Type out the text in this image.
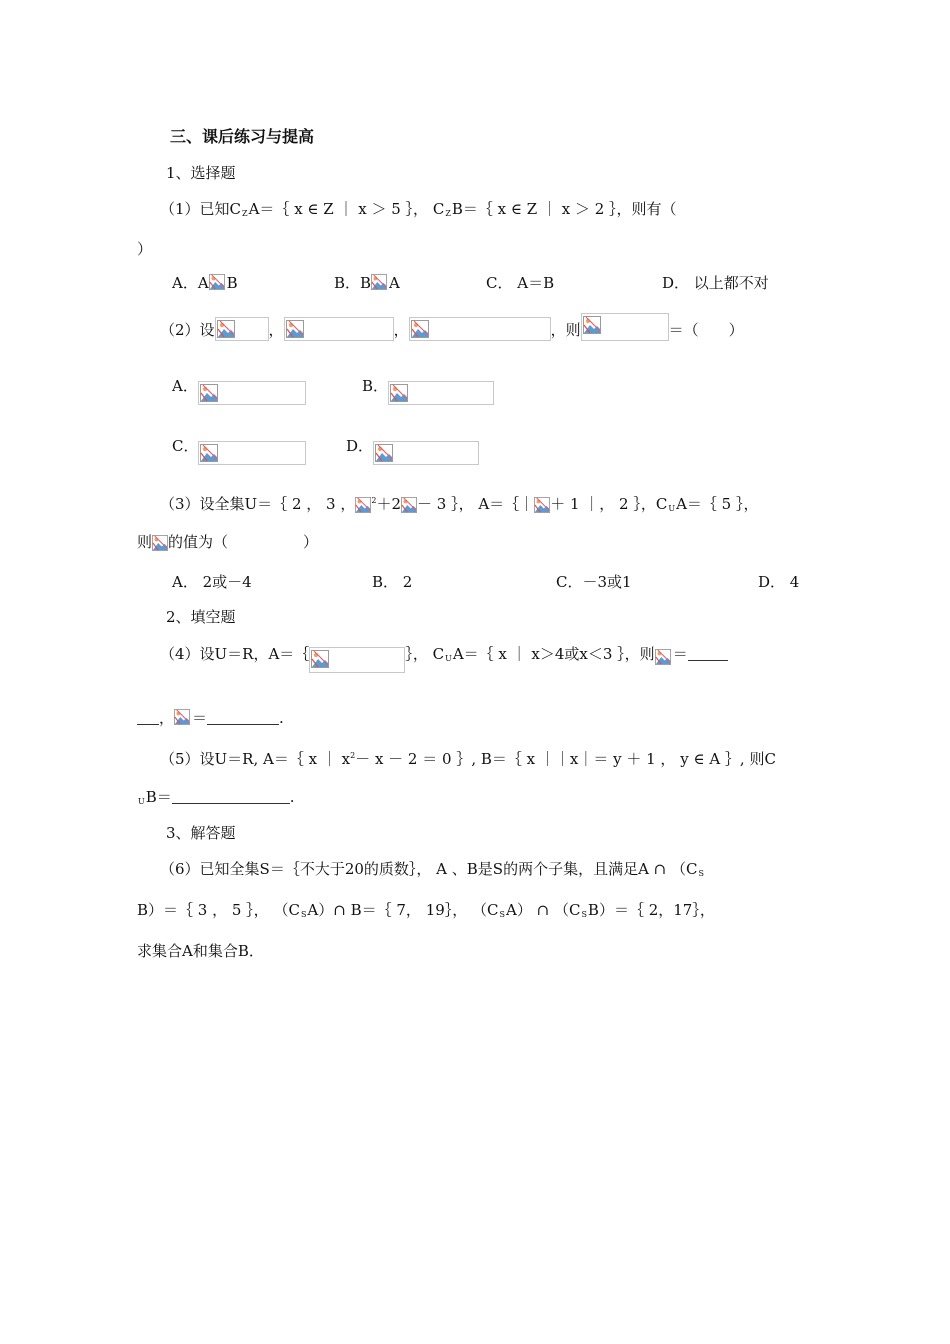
三、课后练习与提高
1、选择题
（1）已知$C_ZA=\{$ x ∈ Z ｜ x ＞ 5 ｝， $C_ZB=\{$ x ∈ Z ｜ x ＞ 2 ｝，则有（
）
A．A B	B．B A	C． A＝B	D． 以上都不对
（2）设	，	，	，则	＝（　　）
A．	B．
C．	D．
（3）设全集U＝｛ 2 ， 3 ， $^2$＋2 － 3 ｝， A＝｛｜ ＋ 1 ｜， 2 ｝，$C_UA=\{$ 5 ｝，
则 的值为（　　　　　）
A． 2或－4	B． 2	C．－3或1	D． 4
2、填空题
（4）设U＝R，A＝｛	｝， $C_UA=\{$ x ｜ x＞4或x＜3 ｝，则 ＝
， ＝	.
（5）设U＝R, A＝｛ x ｜ $x^2- x - 2 = 0$ ｝, B＝｛ x ｜｜x｜＝ y ＋ 1 ， y ∈ A ｝, 则C
$_U$B＝	.
3、解答题
（6）已知全集S＝｛不大于20的质数｝， A 、B是S的两个子集，且满足A ∩ （$C_S$
B）＝｛ 3 ， 5 ｝， $(C_SA)\cap$ B＝｛ 7， 19｝， $(C_SA)$ ∩ $(C_SB)=\{$ 2，17｝，
求集合A和集合B．
